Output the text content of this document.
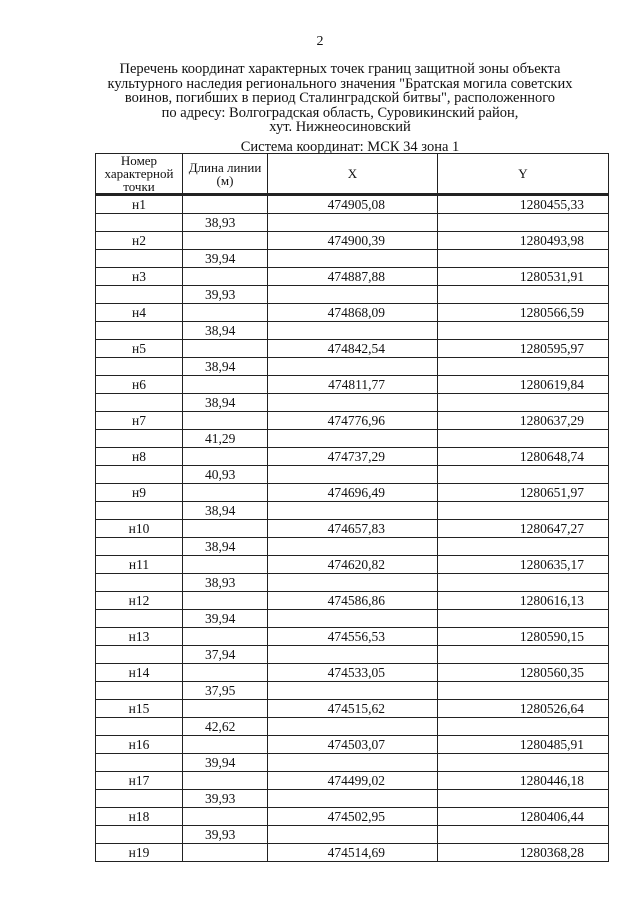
2
Перечень координат характерных точек границ защитной зоны объекта
культурного наследия регионального значения "Братская могила советских
воинов, погибших в период Сталинградской битвы", расположенного
по адресу: Волгоградская область, Суровикинский район,
хут. Нижнеосиновский
Система координат: МСК 34 зона 1
Номер характерной точки	Длина линии (м)	X	Y
н1		474905,08	1280455,33
	38,93		
н2		474900,39	1280493,98
	39,94		
н3		474887,88	1280531,91
	39,93		
н4		474868,09	1280566,59
	38,94		
н5		474842,54	1280595,97
	38,94		
н6		474811,77	1280619,84
	38,94		
н7		474776,96	1280637,29
	41,29		
н8		474737,29	1280648,74
	40,93		
н9		474696,49	1280651,97
	38,94		
н10		474657,83	1280647,27
	38,94		
н11		474620,82	1280635,17
	38,93		
н12		474586,86	1280616,13
	39,94		
н13		474556,53	1280590,15
	37,94		
н14		474533,05	1280560,35
	37,95		
н15		474515,62	1280526,64
	42,62		
н16		474503,07	1280485,91
	39,94		
н17		474499,02	1280446,18
	39,93		
н18		474502,95	1280406,44
	39,93		
н19		474514,69	1280368,28
